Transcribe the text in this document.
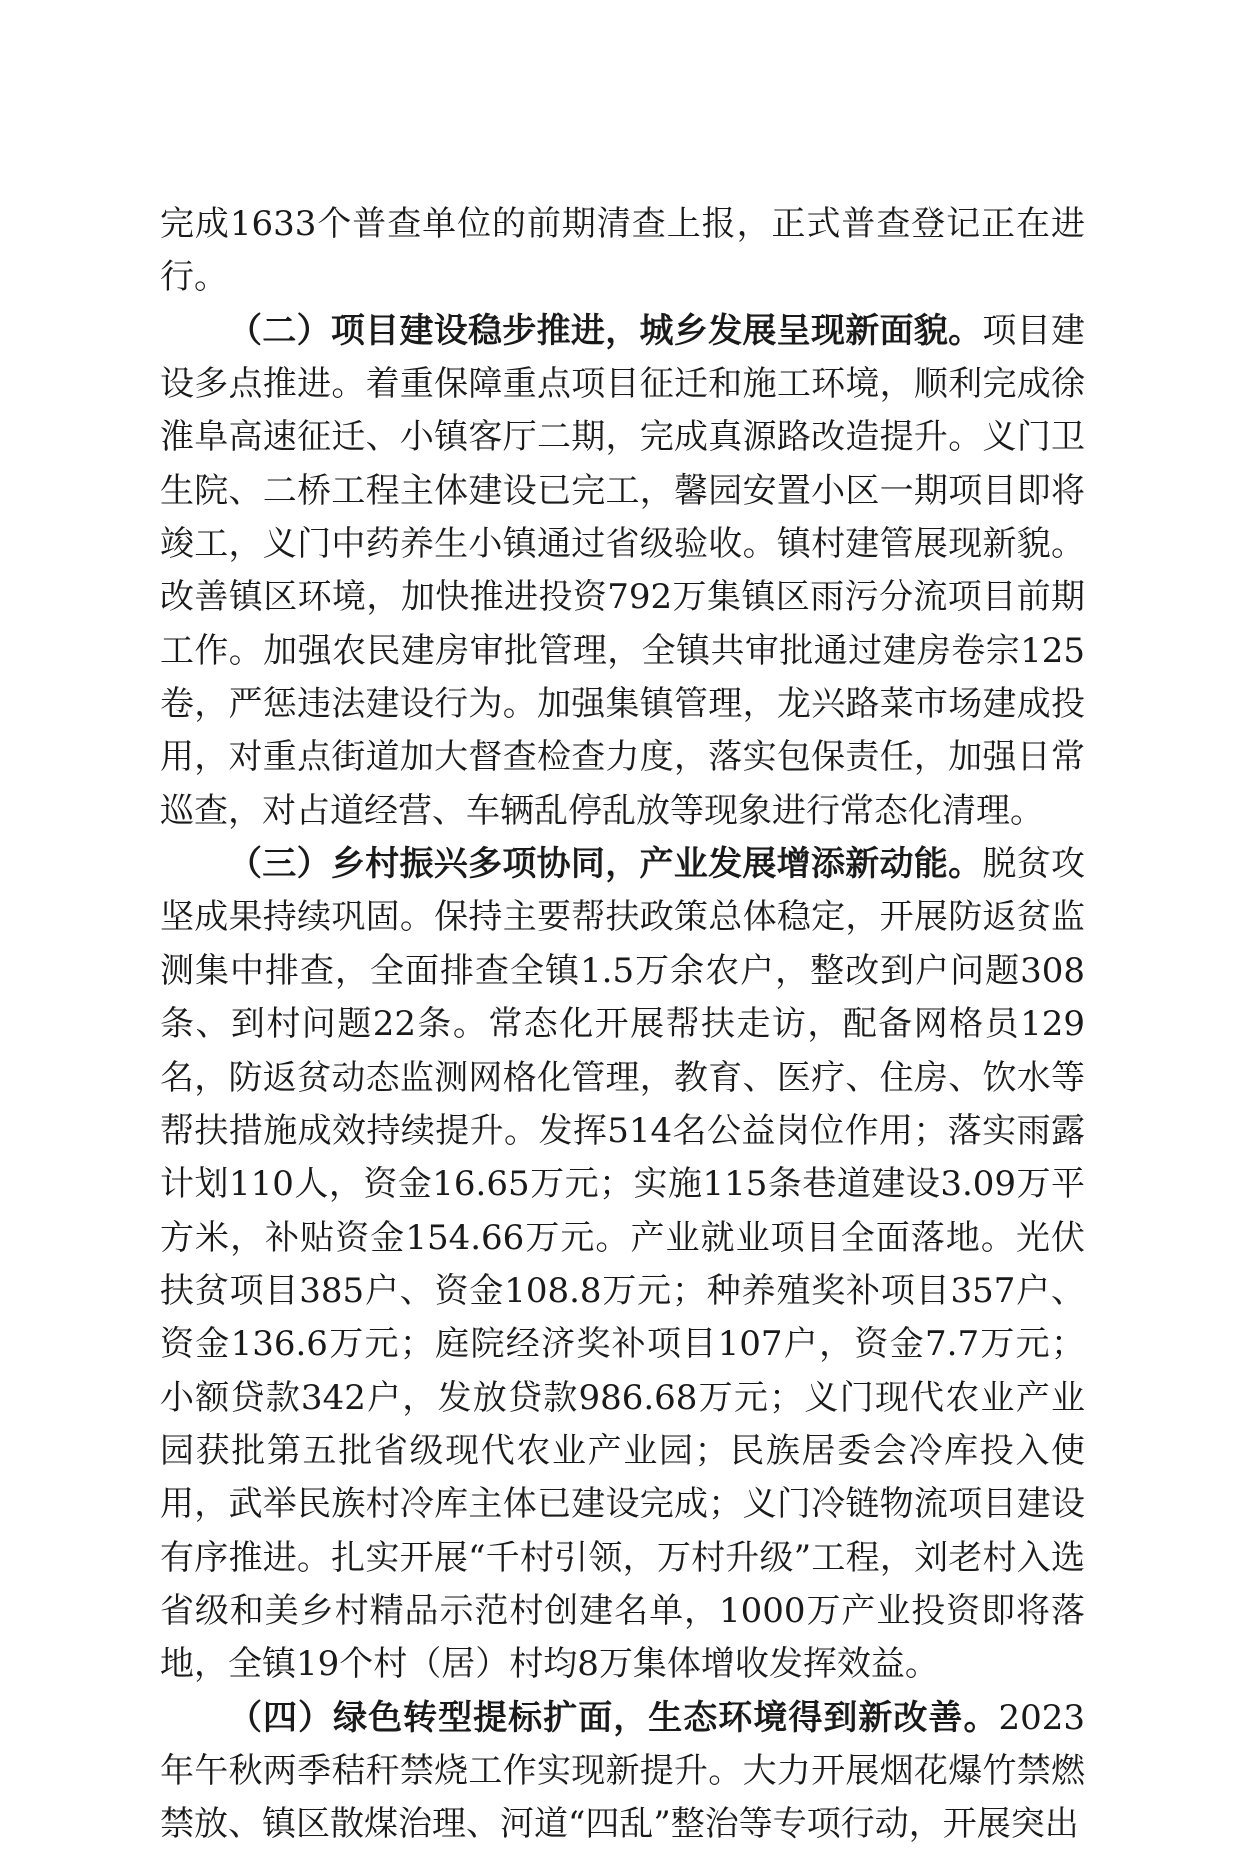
完成1633个普查单位的前期清查上报，正式普查登记正在进行。

（二）项目建设稳步推进，城乡发展呈现新面貌。项目建设多点推进。着重保障重点项目征迁和施工环境，顺利完成徐淮阜高速征迁、小镇客厅二期，完成真源路改造提升。义门卫生院、二桥工程主体建设已完工，馨园安置小区一期项目即将竣工，义门中药养生小镇通过省级验收。镇村建管展现新貌。改善镇区环境，加快推进投资792万集镇区雨污分流项目前期工作。加强农民建房审批管理，全镇共审批通过建房卷宗125卷，严惩违法建设行为。加强集镇管理，龙兴路菜市场建成投用，对重点街道加大督查检查力度，落实包保责任，加强日常巡查，对占道经营、车辆乱停乱放等现象进行常态化清理。

（三）乡村振兴多项协同，产业发展增添新动能。脱贫攻坚成果持续巩固。保持主要帮扶政策总体稳定，开展防返贫监测集中排查，全面排查全镇1.5万余农户，整改到户问题308条、到村问题22条。常态化开展帮扶走访，配备网格员129名，防返贫动态监测网格化管理，教育、医疗、住房、饮水等帮扶措施成效持续提升。发挥514名公益岗位作用；落实雨露计划110人，资金16.65万元；实施115条巷道建设3.09万平方米，补贴资金154.66万元。产业就业项目全面落地。光伏扶贫项目385户、资金108.8万元；种养殖奖补项目357户、资金136.6万元；庭院经济奖补项目107户，资金7.7万元；小额贷款342户，发放贷款986.68万元；义门现代农业产业园获批第五批省级现代农业产业园；民族居委会冷库投入使用，武举民族村冷库主体已建设完成；义门冷链物流项目建设有序推进。扎实开展“千村引领，万村升级”工程，刘老村入选省级和美乡村精品示范村创建名单，1000万产业投资即将落地，全镇19个村（居）村均8万集体增收发挥效益。

（四）绿色转型提标扩面，生态环境得到新改善。2023年午秋两季秸秆禁烧工作实现新提升。大力开展烟花爆竹禁燃禁放、镇区散煤治理、河道“四乱”整治等专项行动，开展突出
